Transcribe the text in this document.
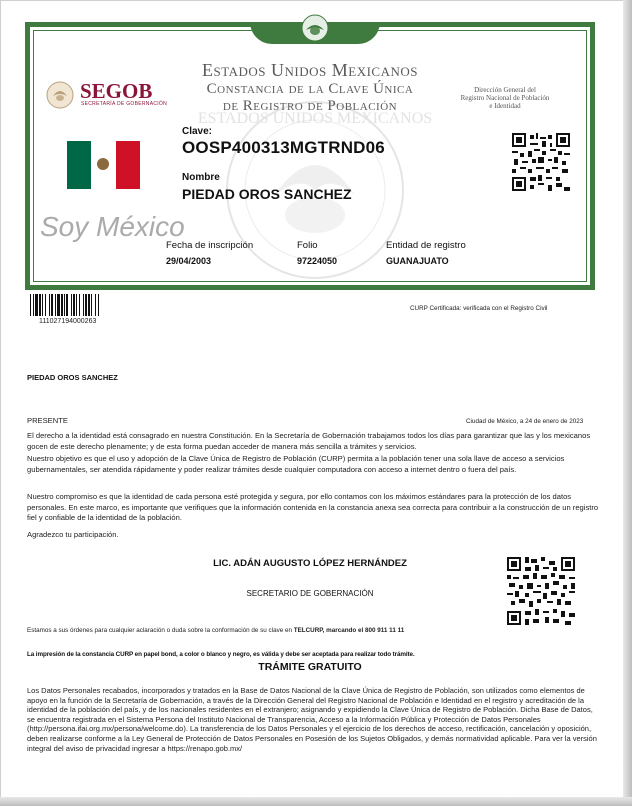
ESTADOS UNIDOS MEXICANOS
SEGOB
SECRETARÍA DE GOBERNACIÓN
Estados Unidos Mexicanos
Constancia de la Clave Única
de Registro de Población
Dirección General del
Registro Nacional de Población
e Identidad
Clave:
OOSP400313MGTRND06
Nombre
PIEDAD OROS SANCHEZ
Soy México
Fecha de inscripción
29/04/2003
Folio
97224050
Entidad de registro
GUANAJUATO
111027194000263
CURP Certificada: verificada con el Registro Civil
PIEDAD OROS SANCHEZ
PRESENTE	Ciudad de México, a 24 de enero de 2023
El derecho a la identidad está consagrado en nuestra Constitución. En la Secretaría de Gobernación trabajamos todos los días para garantizar que las y los mexicanos gocen de este derecho plenamente; y de esta forma puedan acceder de manera más sencilla a trámites y servicios.
Nuestro objetivo es que el uso y adopción de la Clave Única de Registro de Población (CURP) permita a la población tener una sola llave de acceso a servicios gubernamentales, ser atendida rápidamente y poder realizar trámites desde cualquier computadora con acceso a internet dentro o fuera del país.
Nuestro compromiso es que la identidad de cada persona esté protegida y segura, por ello contamos con los máximos estándares para la protección de los datos personales. En este marco, es importante que verifiques que la información contenida en la constancia anexa sea correcta para contribuir a la construcción de un registro fiel y confiable de la identidad de la población.
Agradezco tu participación.
LIC. ADÁN AUGUSTO LÓPEZ HERNÁNDEZ
SECRETARIO DE GOBERNACIÓN
Estamos a sus órdenes para cualquier aclaración o duda sobre la conformación de su clave en TELCURP, marcando el 800 911 11 11
La impresión de la constancia CURP en papel bond, a color o blanco y negro, es válida y debe ser aceptada para realizar todo trámite.
TRÁMITE GRATUITO
Los Datos Personales recabados, incorporados y tratados en la Base de Datos Nacional de la Clave Única de Registro de Población, son utilizados como elementos de apoyo en la función de la Secretaría de Gobernación, a través de la Dirección General del Registro Nacional de Población e Identidad en el registro y acreditación de la identidad de la población del país, y de los nacionales residentes en el extranjero; asignando y expidiendo la Clave Única de Registro de Población. Dicha Base de Datos, se encuentra registrada en el Sistema Persona del Instituto Nacional de Transparencia, Acceso a la Información Pública y Protección de Datos Personales (http://persona.ifai.org.mx/persona/welcome.do). La transferencia de los Datos Personales y el ejercicio de los derechos de acceso, rectificación, cancelación y oposición, deben realizarse conforme a la Ley General de Protección de Datos Personales en Posesión de los Sujetos Obligados, y demás normatividad aplicable. Para ver la versión integral del aviso de privacidad ingresar a https://renapo.gob.mx/
